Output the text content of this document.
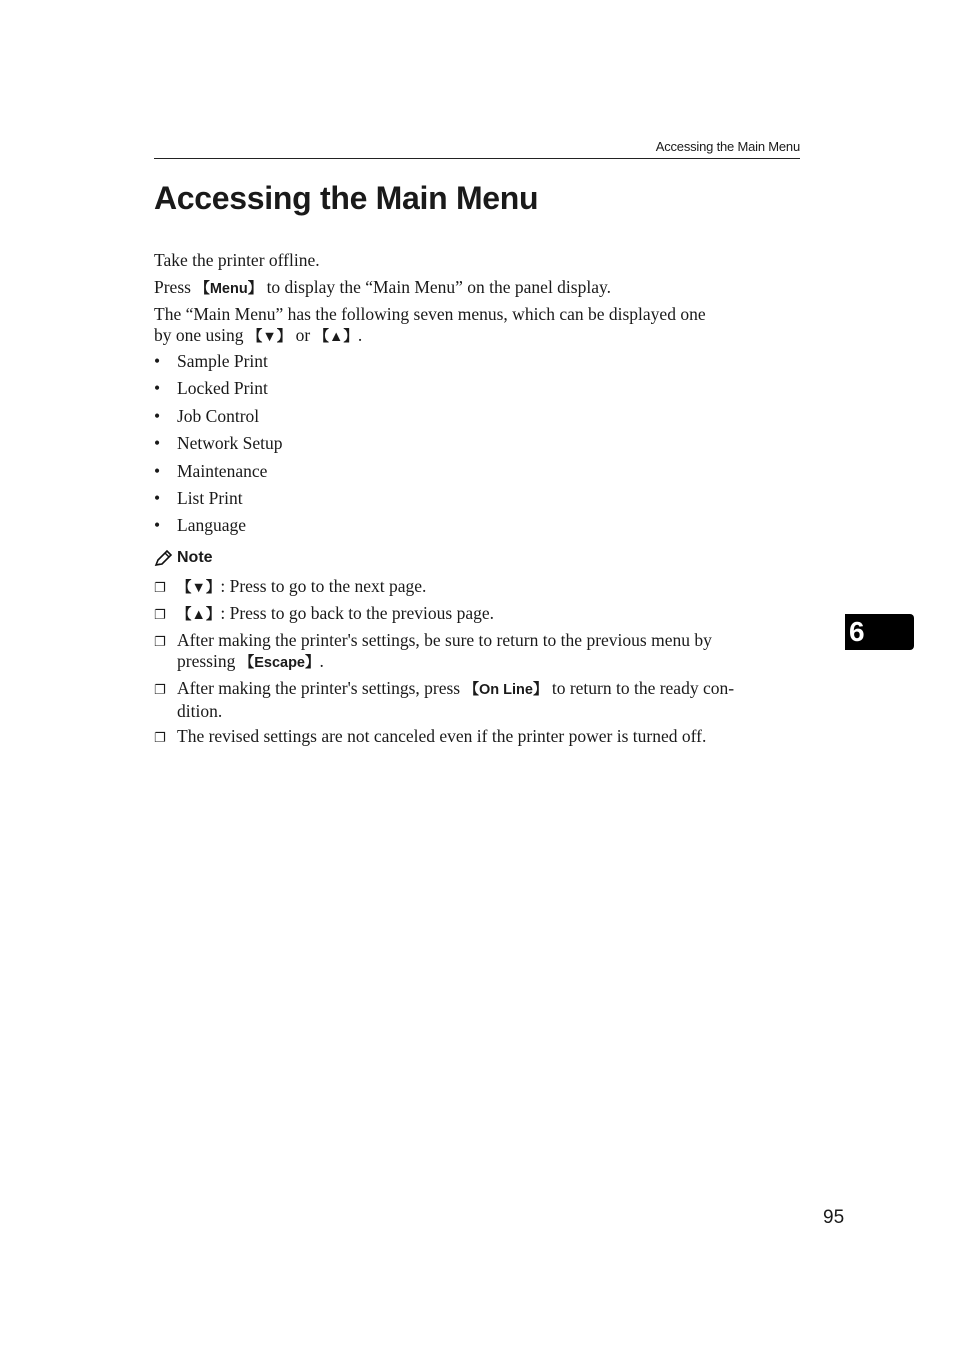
Accessing the Main Menu
Accessing the Main Menu

Take the printer offline.

Press 【Menu】 to display the “Main Menu” on the panel display.

The “Main Menu” has the following seven menus, which can be displayed one
by one using 【▼】 or 【▲】.

• Sample Print
• Locked Print
• Job Control
• Network Setup
• Maintenance
• List Print
• Language
Note
❐ 【▼】: Press to go to the next page.
❐ 【▲】: Press to go back to the previous page.
❐ After making the printer's settings, be sure to return to the previous menu by
pressing 【Escape】.
❐ After making the printer's settings, press 【On Line】 to return to the ready con-
dition.
❐ The revised settings are not canceled even if the printer power is turned off.
6
95
